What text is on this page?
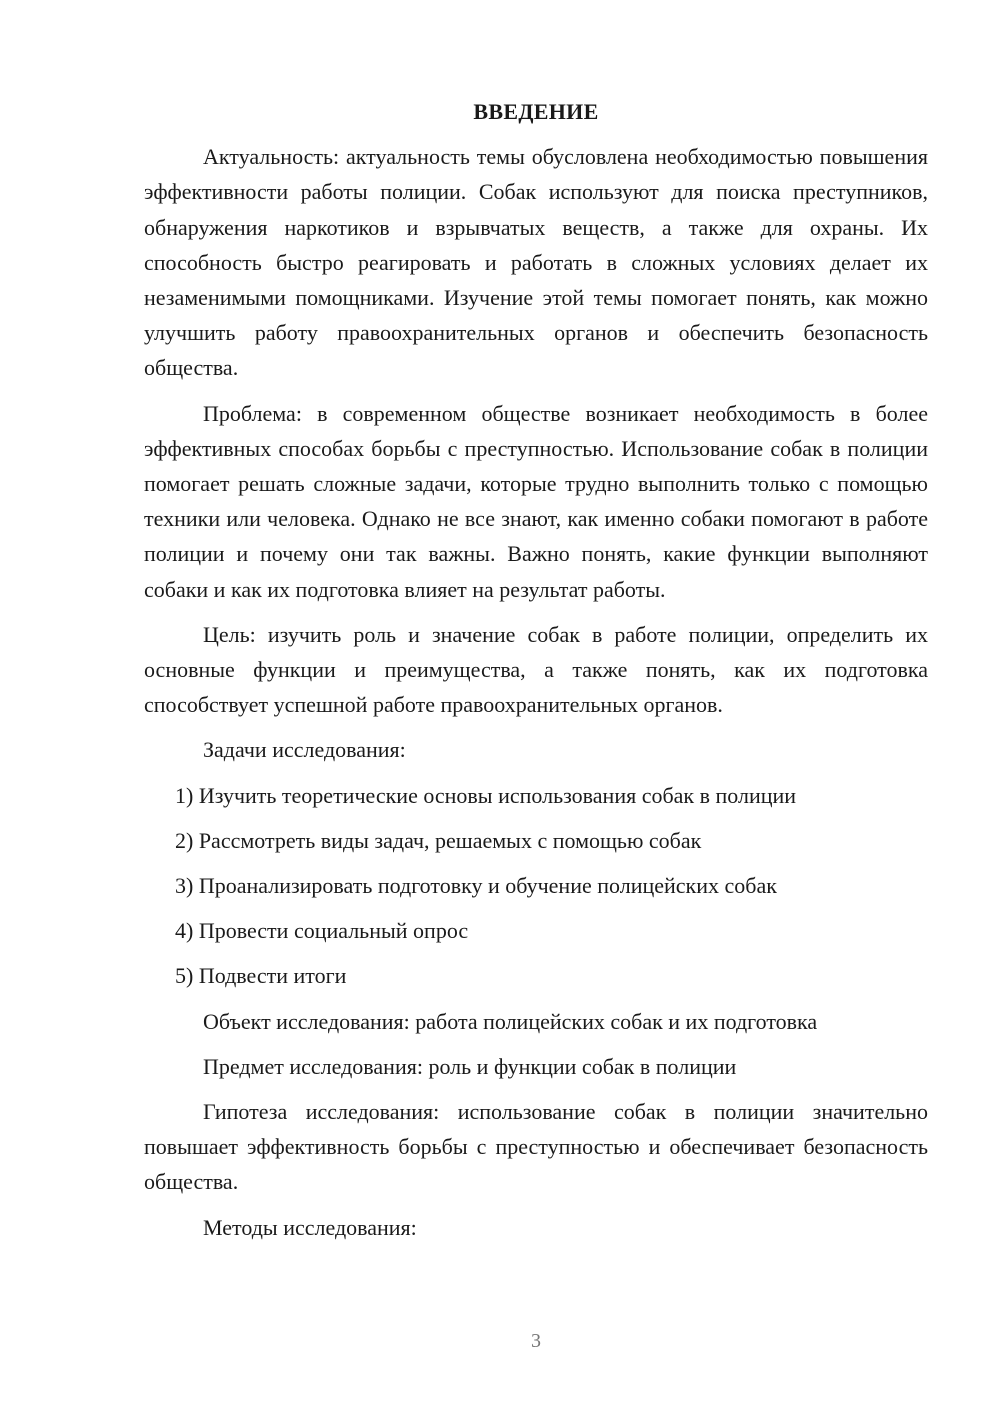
ВВЕДЕНИЕ

Актуальность: актуальность темы обусловлена необходимостью повышения эффективности работы полиции. Собак используют для поиска преступников, обнаружения наркотиков и взрывчатых веществ, а также для охраны. Их способность быстро реагировать и работать в сложных условиях делает их незаменимыми помощниками. Изучение этой темы помогает понять, как можно улучшить работу правоохранительных органов и обеспечить безопасность общества.

Проблема: в современном обществе возникает необходимость в более эффективных способах борьбы с преступностью. Использование собак в полиции помогает решать сложные задачи, которые трудно выполнить только с помощью техники или человека. Однако не все знают, как именно собаки помогают в работе полиции и почему они так важны. Важно понять, какие функции выполняют собаки и как их подготовка влияет на результат работы.

Цель: изучить роль и значение собак в работе полиции, определить их основные функции и преимущества, а также понять, как их подготовка способствует успешной работе правоохранительных органов.

Задачи исследования:

1) Изучить теоретические основы использования собак в полиции
2) Рассмотреть виды задач, решаемых с помощью собак
3) Проанализировать подготовку и обучение полицейских собак
4) Провести социальный опрос
5) Подвести итоги

Объект исследования: работа полицейских собак и их подготовка

Предмет исследования: роль и функции собак в полиции

Гипотеза исследования: использование собак в полиции значительно повышает эффективность борьбы с преступностью и обеспечивает безопасность общества.

Методы исследования:

3
